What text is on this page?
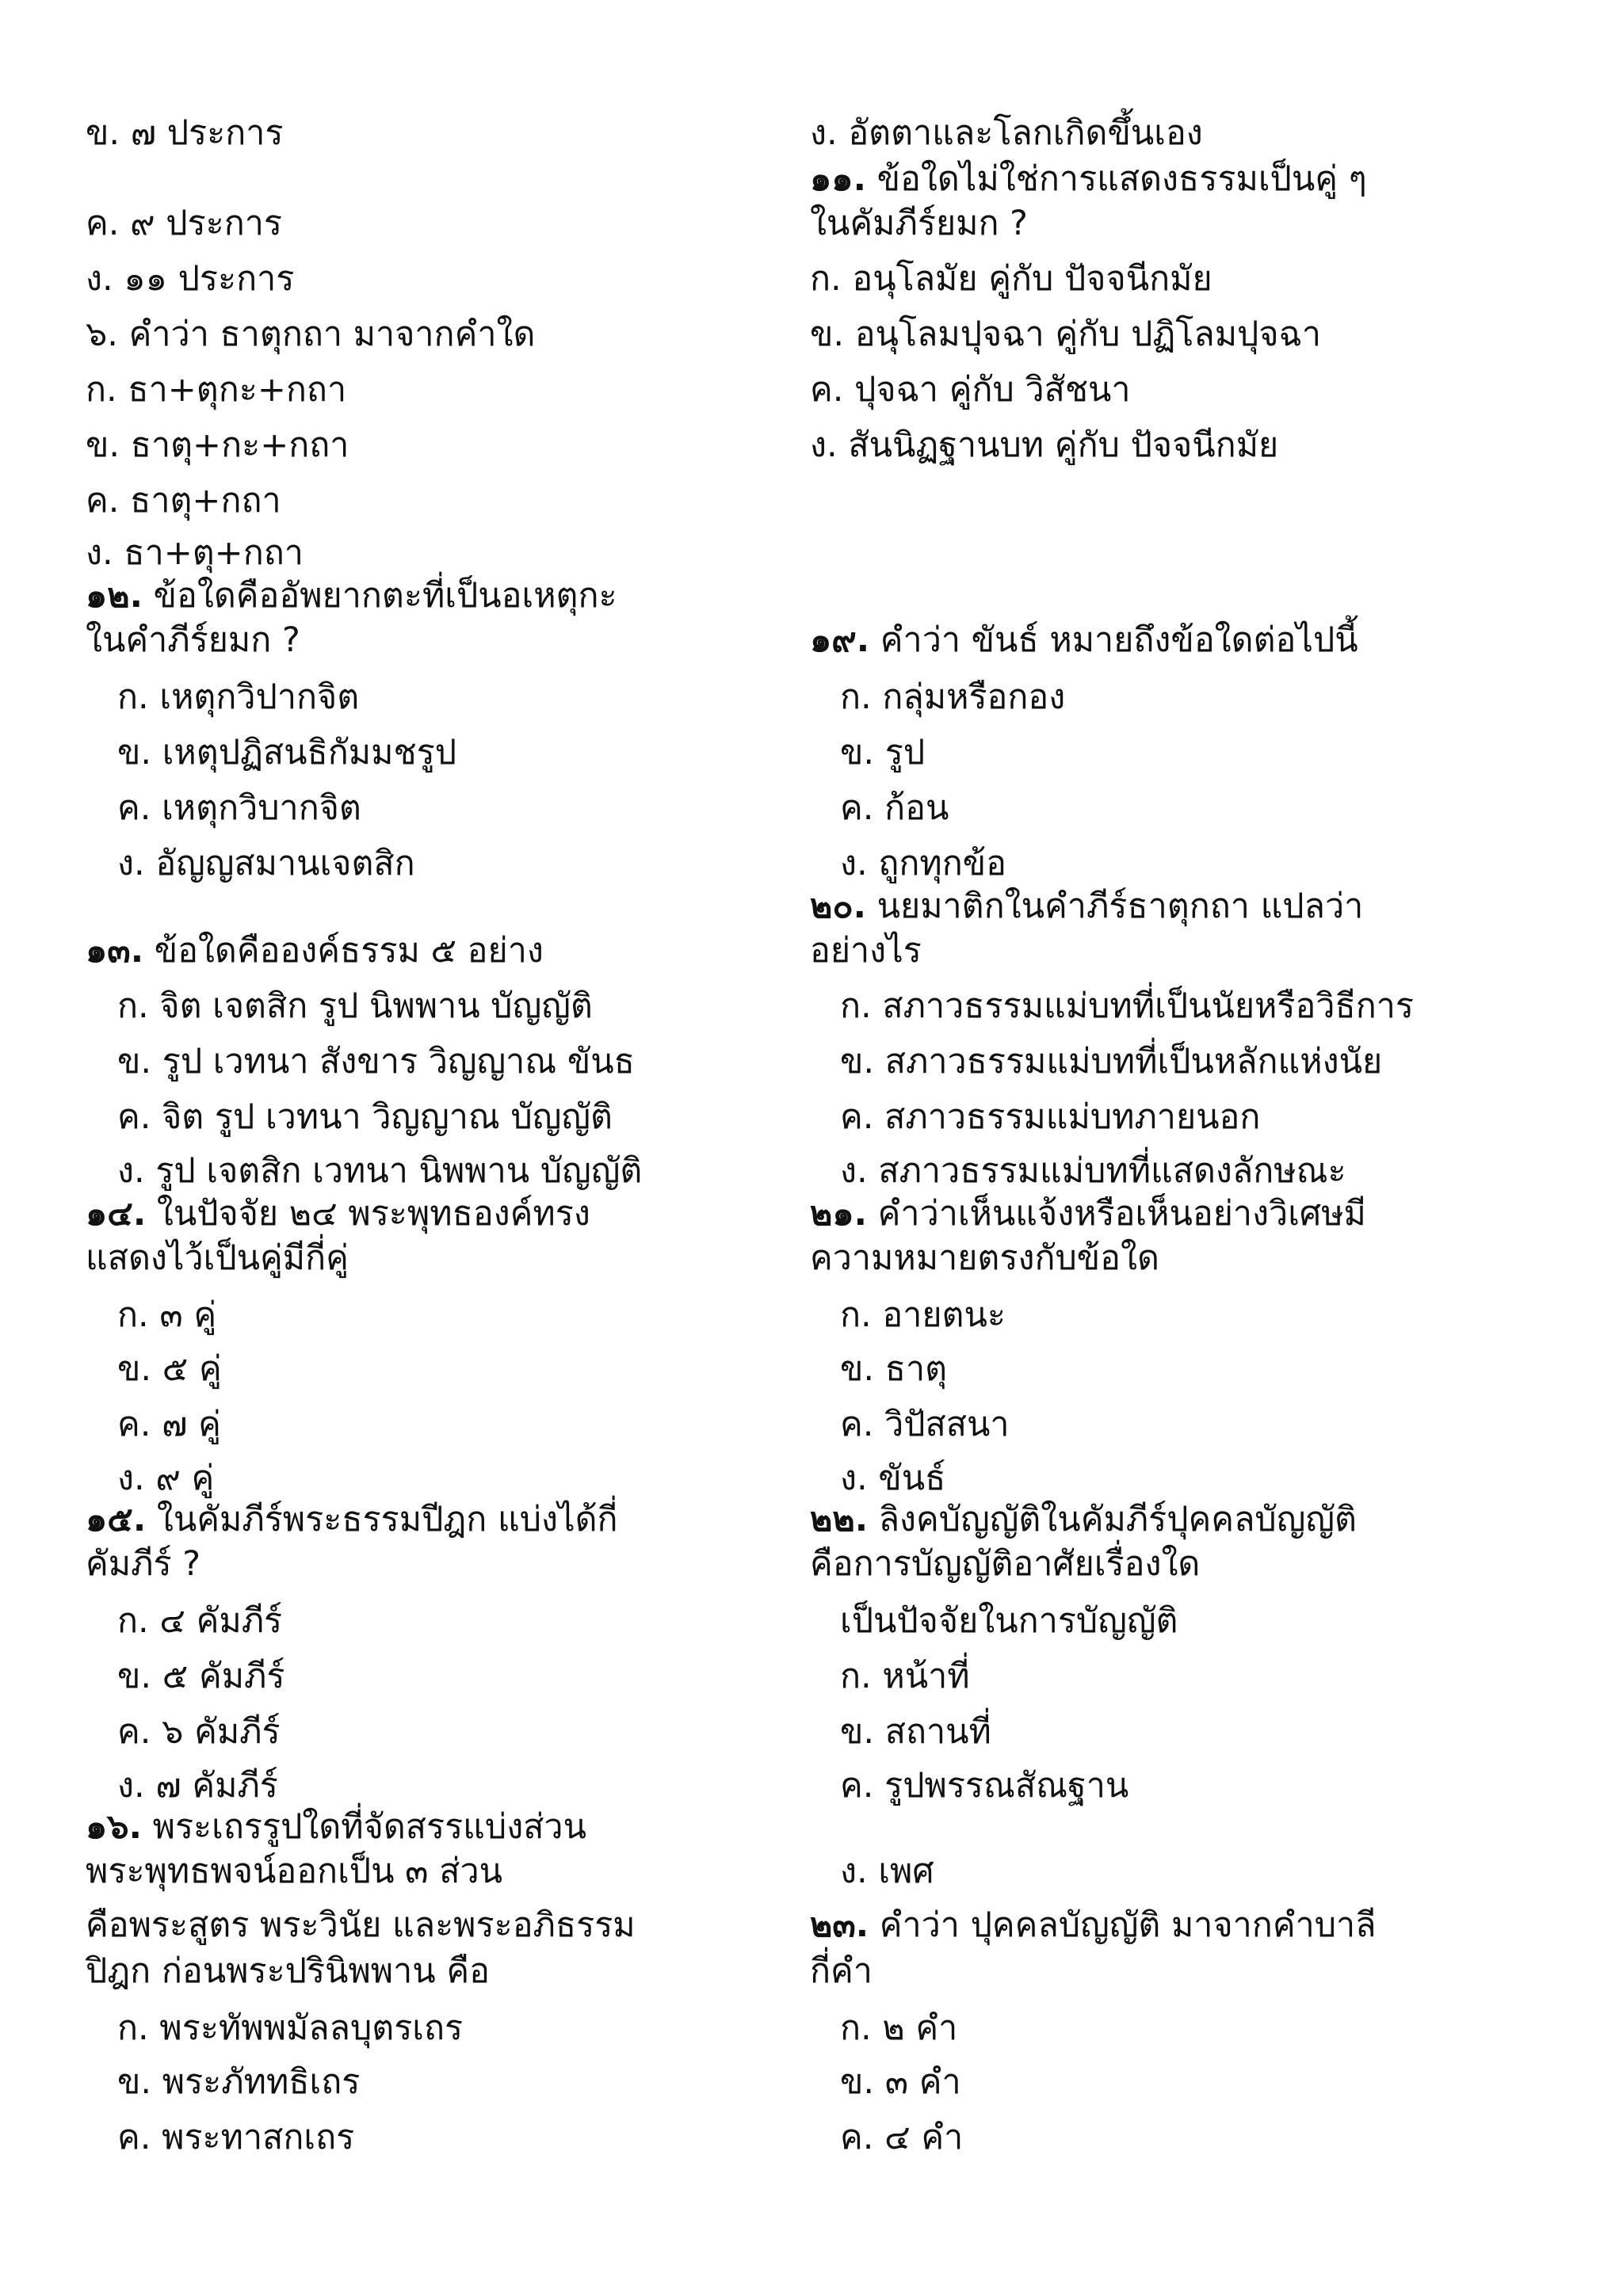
ข. ๗ ประการ
ค. ๙ ประการ
ง. ๑๑ ประการ
๖. คำว่า ธาตุกถา มาจากคำใด
ก. ธา+ตุกะ+กถา
ข. ธาตุ+กะ+กถา
ค. ธาตุ+กถา
ง. ธา+ตุ+กถา
๑๒. ข้อใดคืออัพยากตะที่เป็นอเหตุกะ
ในคำภีร์ยมก ?
ก. เหตุกวิปากจิต
ข. เหตุปฏิสนธิกัมมชรูป
ค. เหตุกวิบากจิต
ง. อัญญสมานเจตสิก
๑๓. ข้อใดคือองค์ธรรม ๕ อย่าง
ก. จิต เจตสิก รูป นิพพาน บัญญัติ
ข. รูป เวทนา สังขาร วิญญาณ ขันธ
ค. จิต รูป เวทนา วิญญาณ บัญญัติ
ง. รูป เจตสิก เวทนา นิพพาน บัญญัติ
๑๔. ในปัจจัย ๒๔ พระพุทธองค์ทรง
แสดงไว้เป็นคู่มีกี่คู่
ก. ๓ คู่
ข. ๕ คู่
ค. ๗ คู่
ง. ๙ คู่
๑๕. ในคัมภีร์พระธรรมปีฎก แบ่งได้กี่
คัมภีร์ ?
ก. ๔ คัมภีร์
ข. ๕ คัมภีร์
ค. ๖ คัมภีร์
ง. ๗ คัมภีร์
๑๖. พระเถรรูปใดที่จัดสรรแบ่งส่วน
พระพุทธพจน์ออกเป็น ๓ ส่วน
คือพระสูตร พระวินัย และพระอภิธรรม
ปิฎก ก่อนพระปรินิพพาน คือ
ก. พระทัพพมัลลบุตรเถร
ข. พระภัททธิเถร
ค. พระทาสกเถร
ง. อัตตาและโลกเกิดขึ้นเอง
๑๑. ข้อใดไม่ใช่การแสดงธรรมเป็นคู่ ๆ
ในคัมภีร์ยมก ?
ก. อนุโลมัย คู่กับ ปัจจนีกมัย
ข. อนุโลมปุจฉา คู่กับ ปฏิโลมปุจฉา
ค. ปุจฉา คู่กับ วิสัชนา
ง. สันนิฏฐานบท คู่กับ ปัจจนีกมัย
๑๙. คำว่า ขันธ์ หมายถึงข้อใดต่อไปนี้
ก. กลุ่มหรือกอง
ข. รูป
ค. ก้อน
ง. ถูกทุกข้อ
๒๐. นยมาติกในคำภีร์ธาตุกถา แปลว่า
อย่างไร
ก. สภาวธรรมแม่บทที่เป็นนัยหรือวิธีการ
ข. สภาวธรรมแม่บทที่เป็นหลักแห่งนัย
ค. สภาวธรรมแม่บทภายนอก
ง. สภาวธรรมแม่บทที่แสดงลักษณะ
๒๑. คำว่าเห็นแจ้งหรือเห็นอย่างวิเศษมี
ความหมายตรงกับข้อใด
ก. อายตนะ
ข. ธาตุ
ค. วิปัสสนา
ง. ขันธ์
๒๒. ลิงคบัญญัติในคัมภีร์ปุคคลบัญญัติ
คือการบัญญัติอาศัยเรื่องใด
เป็นปัจจัยในการบัญญัติ
ก. หน้าที่
ข. สถานที่
ค. รูปพรรณสัณฐาน
ง. เพศ
๒๓. คำว่า ปุคคลบัญญัติ มาจากคำบาลี
กี่คำ
ก. ๒ คำ
ข. ๓ คำ
ค. ๔ คำ
